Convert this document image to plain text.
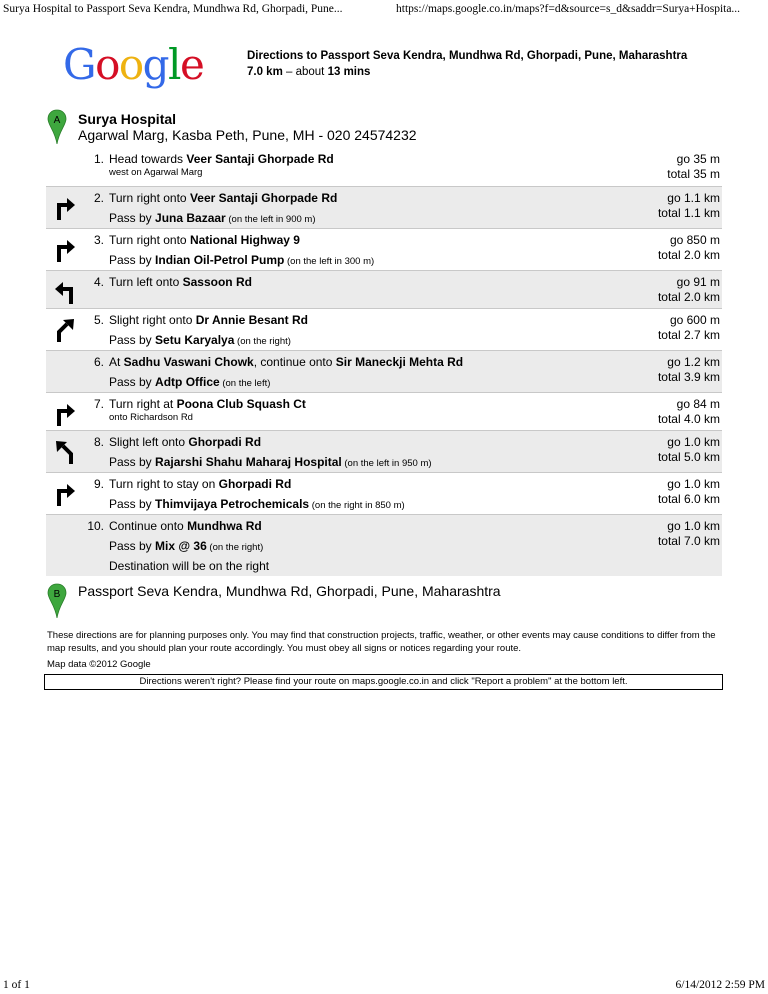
Surya Hospital to Passport Seva Kendra, Mundhwa Rd, Ghorpadi, Pune...	https://maps.google.co.in/maps?f=d&source=s_d&saddr=Surya+Hospita...
Google	Directions to Passport Seva Kendra, Mundhwa Rd, Ghorpadi, Pune, Maharashtra
7.0 km – about 13 mins
A Surya Hospital
Agarwal Marg, Kasba Peth, Pune, MH - 020 24574232
1. Head towards Veer Santaji Ghorpade Rd
west on Agarwal Marg
go 35 m
total 35 m
2. Turn right onto Veer Santaji Ghorpade Rd
Pass by Juna Bazaar (on the left in 900 m)
go 1.1 km
total 1.1 km
3. Turn right onto National Highway 9
Pass by Indian Oil-Petrol Pump (on the left in 300 m)
go 850 m
total 2.0 km
4. Turn left onto Sassoon Rd	go 91 m
total 2.0 km
5. Slight right onto Dr Annie Besant Rd
Pass by Setu Karyalya (on the right)
go 600 m
total 2.7 km
6. At Sadhu Vaswani Chowk, continue onto Sir Maneckji Mehta Rd
Pass by Adtp Office (on the left)
go 1.2 km
total 3.9 km
7. Turn right at Poona Club Squash Ct
onto Richardson Rd
go 84 m
total 4.0 km
8. Slight left onto Ghorpadi Rd
Pass by Rajarshi Shahu Maharaj Hospital (on the left in 950 m)
go 1.0 km
total 5.0 km
9. Turn right to stay on Ghorpadi Rd
Pass by Thimvijaya Petrochemicals (on the right in 850 m)
go 1.0 km
total 6.0 km
10. Continue onto Mundhwa Rd
Pass by Mix @ 36 (on the right)
Destination will be on the right
go 1.0 km
total 7.0 km
B Passport Seva Kendra, Mundhwa Rd, Ghorpadi, Pune, Maharashtra
These directions are for planning purposes only. You may find that construction projects, traffic, weather, or other events may cause conditions to differ from the map results, and you should plan your route accordingly. You must obey all signs or notices regarding your route.
Map data ©2012 Google
Directions weren't right? Please find your route on maps.google.co.in and click "Report a problem" at the bottom left.
1 of 1	6/14/2012 2:59 PM
